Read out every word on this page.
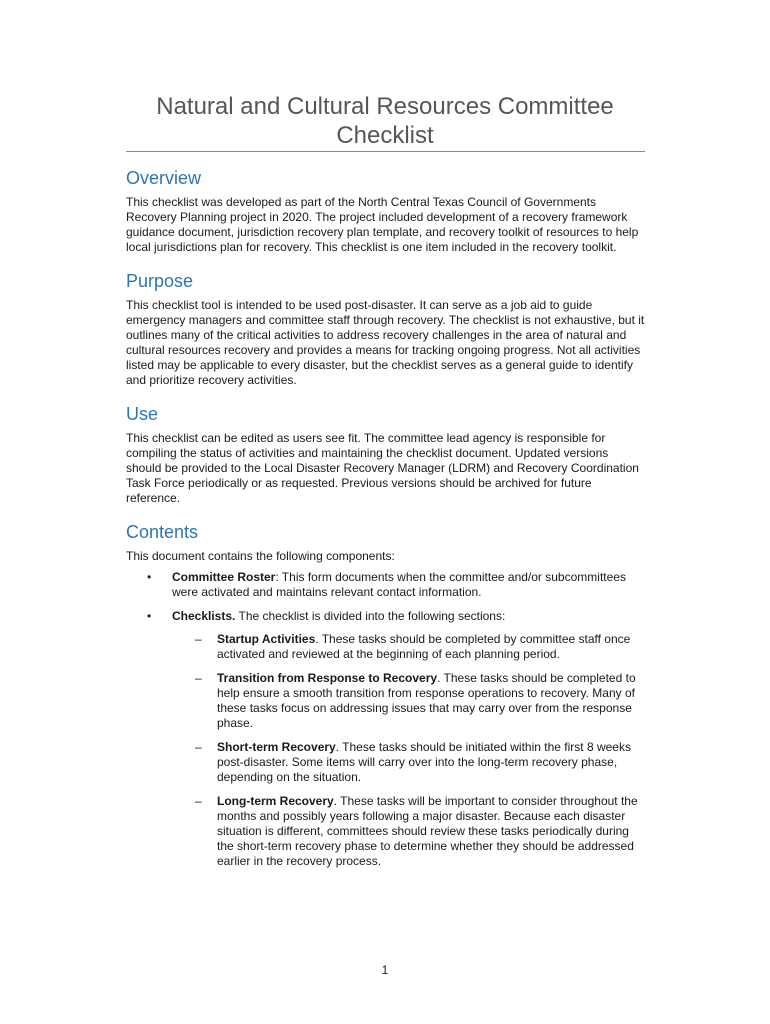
Natural and Cultural Resources Committee Checklist
Overview

This checklist was developed as part of the North Central Texas Council of Governments Recovery Planning project in 2020. The project included development of a recovery framework guidance document, jurisdiction recovery plan template, and recovery toolkit of resources to help local jurisdictions plan for recovery. This checklist is one item included in the recovery toolkit.

Purpose

This checklist tool is intended to be used post-disaster. It can serve as a job aid to guide emergency managers and committee staff through recovery. The checklist is not exhaustive, but it outlines many of the critical activities to address recovery challenges in the area of natural and cultural resources recovery and provides a means for tracking ongoing progress. Not all activities listed may be applicable to every disaster, but the checklist serves as a general guide to identify and prioritize recovery activities.

Use

This checklist can be edited as users see fit. The committee lead agency is responsible for compiling the status of activities and maintaining the checklist document. Updated versions should be provided to the Local Disaster Recovery Manager (LDRM) and Recovery Coordination Task Force periodically or as requested. Previous versions should be archived for future reference.

Contents

This document contains the following components:

• Committee Roster: This form documents when the committee and/or subcommittees were activated and maintains relevant contact information.
• Checklists. The checklist is divided into the following sections:
– Startup Activities. These tasks should be completed by committee staff once activated and reviewed at the beginning of each planning period.
– Transition from Response to Recovery. These tasks should be completed to help ensure a smooth transition from response operations to recovery. Many of these tasks focus on addressing issues that may carry over from the response phase.
– Short-term Recovery. These tasks should be initiated within the first 8 weeks post-disaster. Some items will carry over into the long-term recovery phase, depending on the situation.
– Long-term Recovery. These tasks will be important to consider throughout the months and possibly years following a major disaster. Because each disaster situation is different, committees should review these tasks periodically during the short-term recovery phase to determine whether they should be addressed earlier in the recovery process.
1
